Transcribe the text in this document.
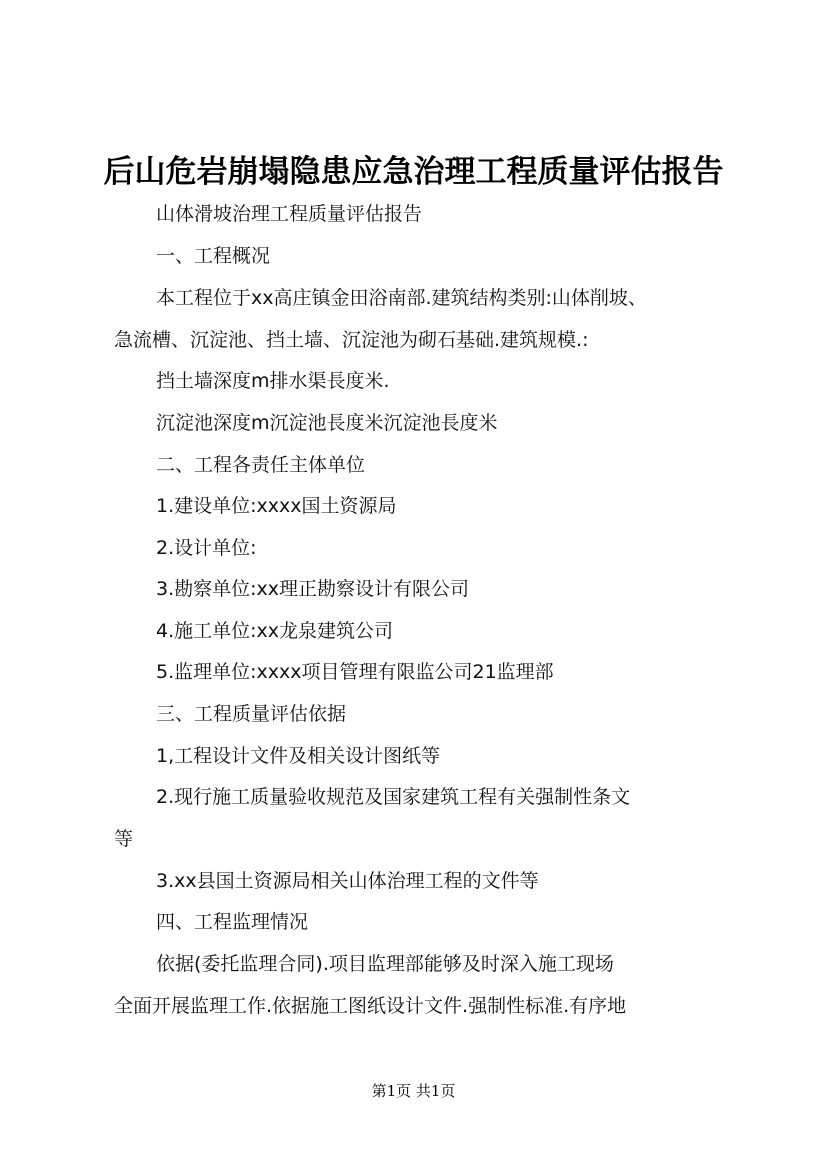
后山危岩崩塌隐患应急治理工程质量评估报告

山体滑坡治理工程质量评估报告

一、工程概况

本工程位于xx高庄镇金田浴南部.建筑结构类别:山体削坡、

急流槽、沉淀池、挡土墙、沉淀池为砌石基础.建筑规模.:

挡土墙深度m排水渠長度米.

沉淀池深度m沉淀池長度米沉淀池長度米

二、工程各责任主体单位

1.建设单位:xxxx国土资源局

2.设计单位:

3.勘察单位:xx理正勘察设计有限公司

4.施工单位:xx龙泉建筑公司

5.监理单位:xxxx项目管理有限监公司21监理部

三、工程质量评估依据

1,工程设计文件及相关设计图纸等

2.现行施工质量验收规范及国家建筑工程有关强制性条文

等

3.xx县国土资源局相关山体治理工程的文件等

四、工程监理情况

依据(委托监理合同).项目监理部能够及时深入施工现场

全面开展监理工作.依据施工图纸设计文件.强制性标准.有序地

第1页 共1页
